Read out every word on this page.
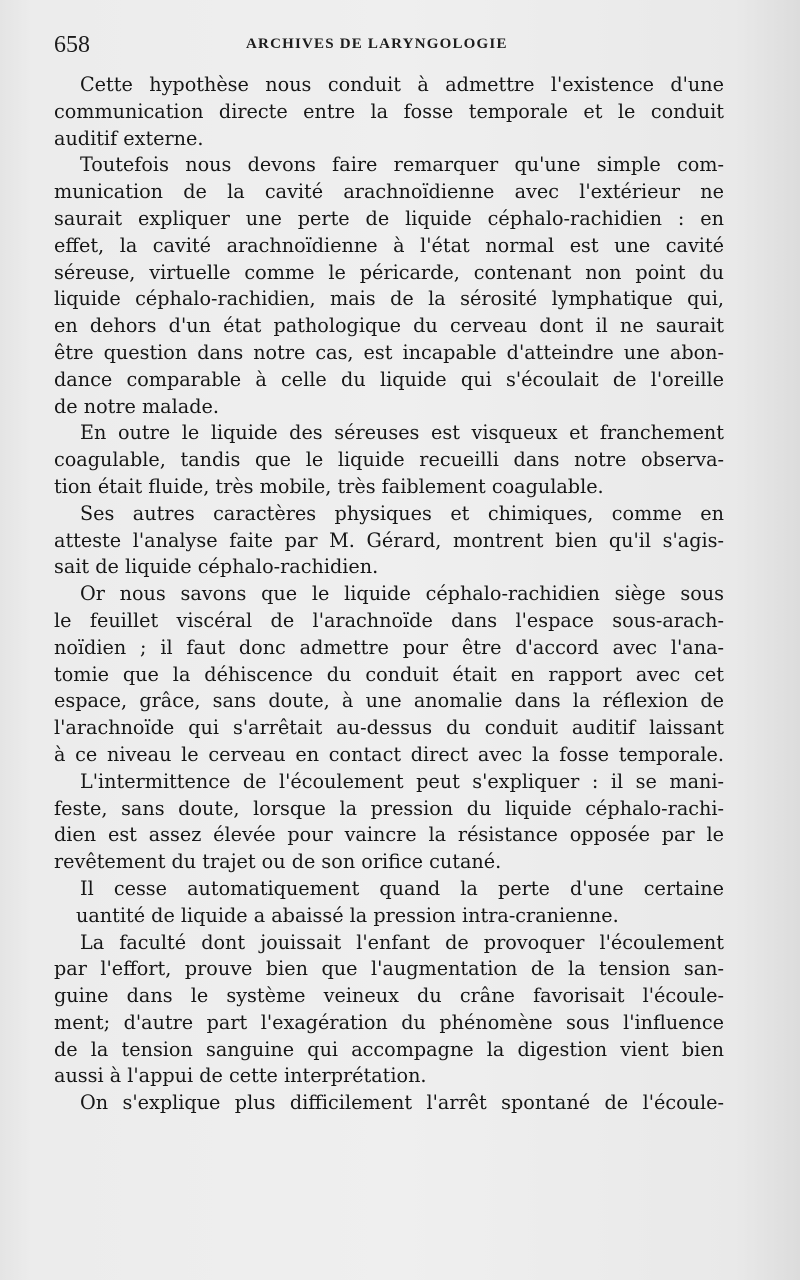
658	ARCHIVES DE LARYNGOLOGIE
Cette hypothèse nous conduit à admettre l'existence d'une
communication directe entre la fosse temporale et le conduit
auditif externe.
Toutefois nous devons faire remarquer qu'une simple com-
munication de la cavité arachnoïdienne avec l'extérieur ne
saurait expliquer une perte de liquide céphalo-rachidien : en
effet, la cavité arachnoïdienne à l'état normal est une cavité
séreuse, virtuelle comme le péricarde, contenant non point du
liquide céphalo-rachidien, mais de la sérosité lymphatique qui,
en dehors d'un état pathologique du cerveau dont il ne saurait
être question dans notre cas, est incapable d'atteindre une abon-
dance comparable à celle du liquide qui s'écoulait de l'oreille
de notre malade.
En outre le liquide des séreuses est visqueux et franchement
coagulable, tandis que le liquide recueilli dans notre observa-
tion était fluide, très mobile, très faiblement coagulable.
Ses autres caractères physiques et chimiques, comme en
atteste l'analyse faite par M. Gérard, montrent bien qu'il s'agis-
sait de liquide céphalo-rachidien.
Or nous savons que le liquide céphalo-rachidien siège sous
le feuillet viscéral de l'arachnoïde dans l'espace sous-arach-
noïdien ; il faut donc admettre pour être d'accord avec l'ana-
tomie que la déhiscence du conduit était en rapport avec cet
espace, grâce, sans doute, à une anomalie dans la réflexion de
l'arachnoïde qui s'arrêtait au-dessus du conduit auditif laissant
à ce niveau le cerveau en contact direct avec la fosse temporale.
L'intermittence de l'écoulement peut s'expliquer : il se mani-
feste, sans doute, lorsque la pression du liquide céphalo-rachi-
dien est assez élevée pour vaincre la résistance opposée par le
revêtement du trajet ou de son orifice cutané.
Il cesse automatiquement quand la perte d'une certaine
uantité de liquide a abaissé la pression intra-cranienne.
La faculté dont jouissait l'enfant de provoquer l'écoulement
par l'effort, prouve bien que l'augmentation de la tension san-
guine dans le système veineux du crâne favorisait l'écoule-
ment; d'autre part l'exagération du phénomène sous l'influence
de la tension sanguine qui accompagne la digestion vient bien
aussi à l'appui de cette interprétation.
On s'explique plus difficilement l'arrêt spontané de l'écoule-
